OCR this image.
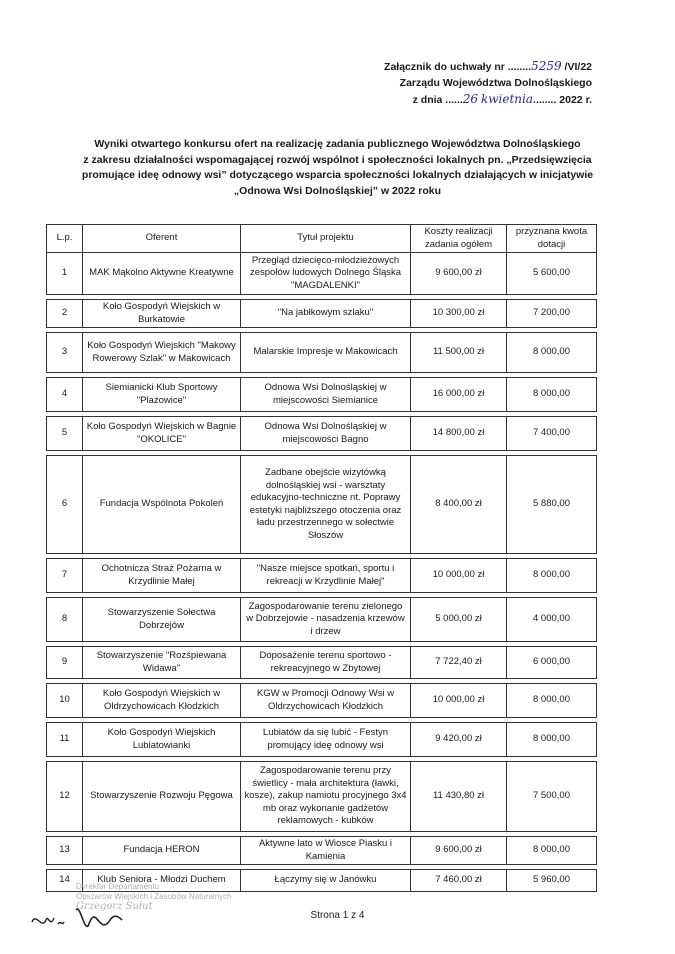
Załącznik do uchwały nr ........5259 /VI/22
Zarządu Województwa Dolnośląskiego
z dnia ......26 kwietnia........ 2022 r.
Wyniki otwartego konkursu ofert na realizację zadania publicznego Województwa Dolnośląskiego
z zakresu działalności wspomagającej rozwój wspólnot i społeczności lokalnych pn. „Przedsięwzięcia
promujące ideę odnowy wsi” dotyczącego wsparcia społeczności lokalnych działających w inicjatywie
„Odnowa Wsi Dolnośląskiej” w 2022 roku
L.p.	Oferent	Tytuł projektu	Koszty realizacji zadania ogółem	przyznana kwota dotacji
1	MAK Mąkolno Aktywne Kreatywne	Przegląd dziecięco-młodzieżowych zespołów ludowych Dolnego Śląska "MAGDALENKI"	9 600,00 zł	5 600,00

2	Koło Gospodyń Wiejskich w Burkatowie	"Na jabłkowym szlaku"	10 300,00 zł	7 200,00

3	Koło Gospodyń Wiejskich "Makowy Rowerowy Szlak" w Makowicach	Malarskie Impresje w Makowicach	11 500,00 zł	8 000,00

4	Siemianicki Klub Sportowy "Plażowice"	Odnowa Wsi Dolnośląskiej w miejscowości Siemianice	16 000,00 zł	8 000,00

5	Koło Gospodyń Wiejskich w Bagnie "OKOLICE"	Odnowa Wsi Dolnośląskiej w miejscowości Bagno	14 800,00 zł	7 400,00

6	Fundacja Wspólnota Pokoleń	Zadbane obejście wizytówką dolnośląskiej wsi - warsztaty edukacyjno-techniczne nt. Poprawy estetyki najbliższego otoczenia oraz ładu przestrzennego w sołectwie Słoszów	8 400,00 zł	5 880,00

7	Ochotnicza Straż Pożarna w Krzydlinie Małej	"Nasze miejsce spotkań, sportu i rekreacji w Krzydlinie Małej"	10 000,00 zł	8 000,00

8	Stowarzyszenie Sołectwa Dobrzejów	Zagospodarowanie terenu zielonego w Dobrzejowie - nasadzenia krzewów i drzew	5 000,00 zł	4 000,00

9	Stowarzyszenie "Rozśpiewana Widawa"	Doposażenie terenu sportowo - rekreacyjnego w Zbytowej	7 722,40 zł	6 000,00

10	Koło Gospodyń Wiejskich w Oldrzychowicach Kłodzkich	KGW w Promocji Odnowy Wsi w Oldrzychowicach Kłodzkich	10 000,00 zł	8 000,00

11	Koło Gospodyń Wiejskich Lubiatowianki	Lubiatów da się lubić - Festyn promujący ideę odnowy wsi	9 420,00 zł	8 000,00

12	Stowarzyszenie Rozwoju Pęgowa	Zagospodarowanie terenu przy świetlicy - mała architektura (ławki, kosze), zakup namiotu procyjnego 3x4 mb oraz wykonanie gadżetów reklamowych - kubków	11 430,80 zł	7 500,00

13	Fundacja HERON	Aktywne lato w Wiosce Piasku i Kamienia	9 600,00 zł	8 000,00

14	Klub Seniora - Młodzi Duchem	Łączymy się w Janówku	7 460,00 zł	5 960,00
Dyrektor Departamentu
Obszarów Wiejskich i Zasobów Naturalnych
Grzegorz Sułut
Strona 1 z 4
